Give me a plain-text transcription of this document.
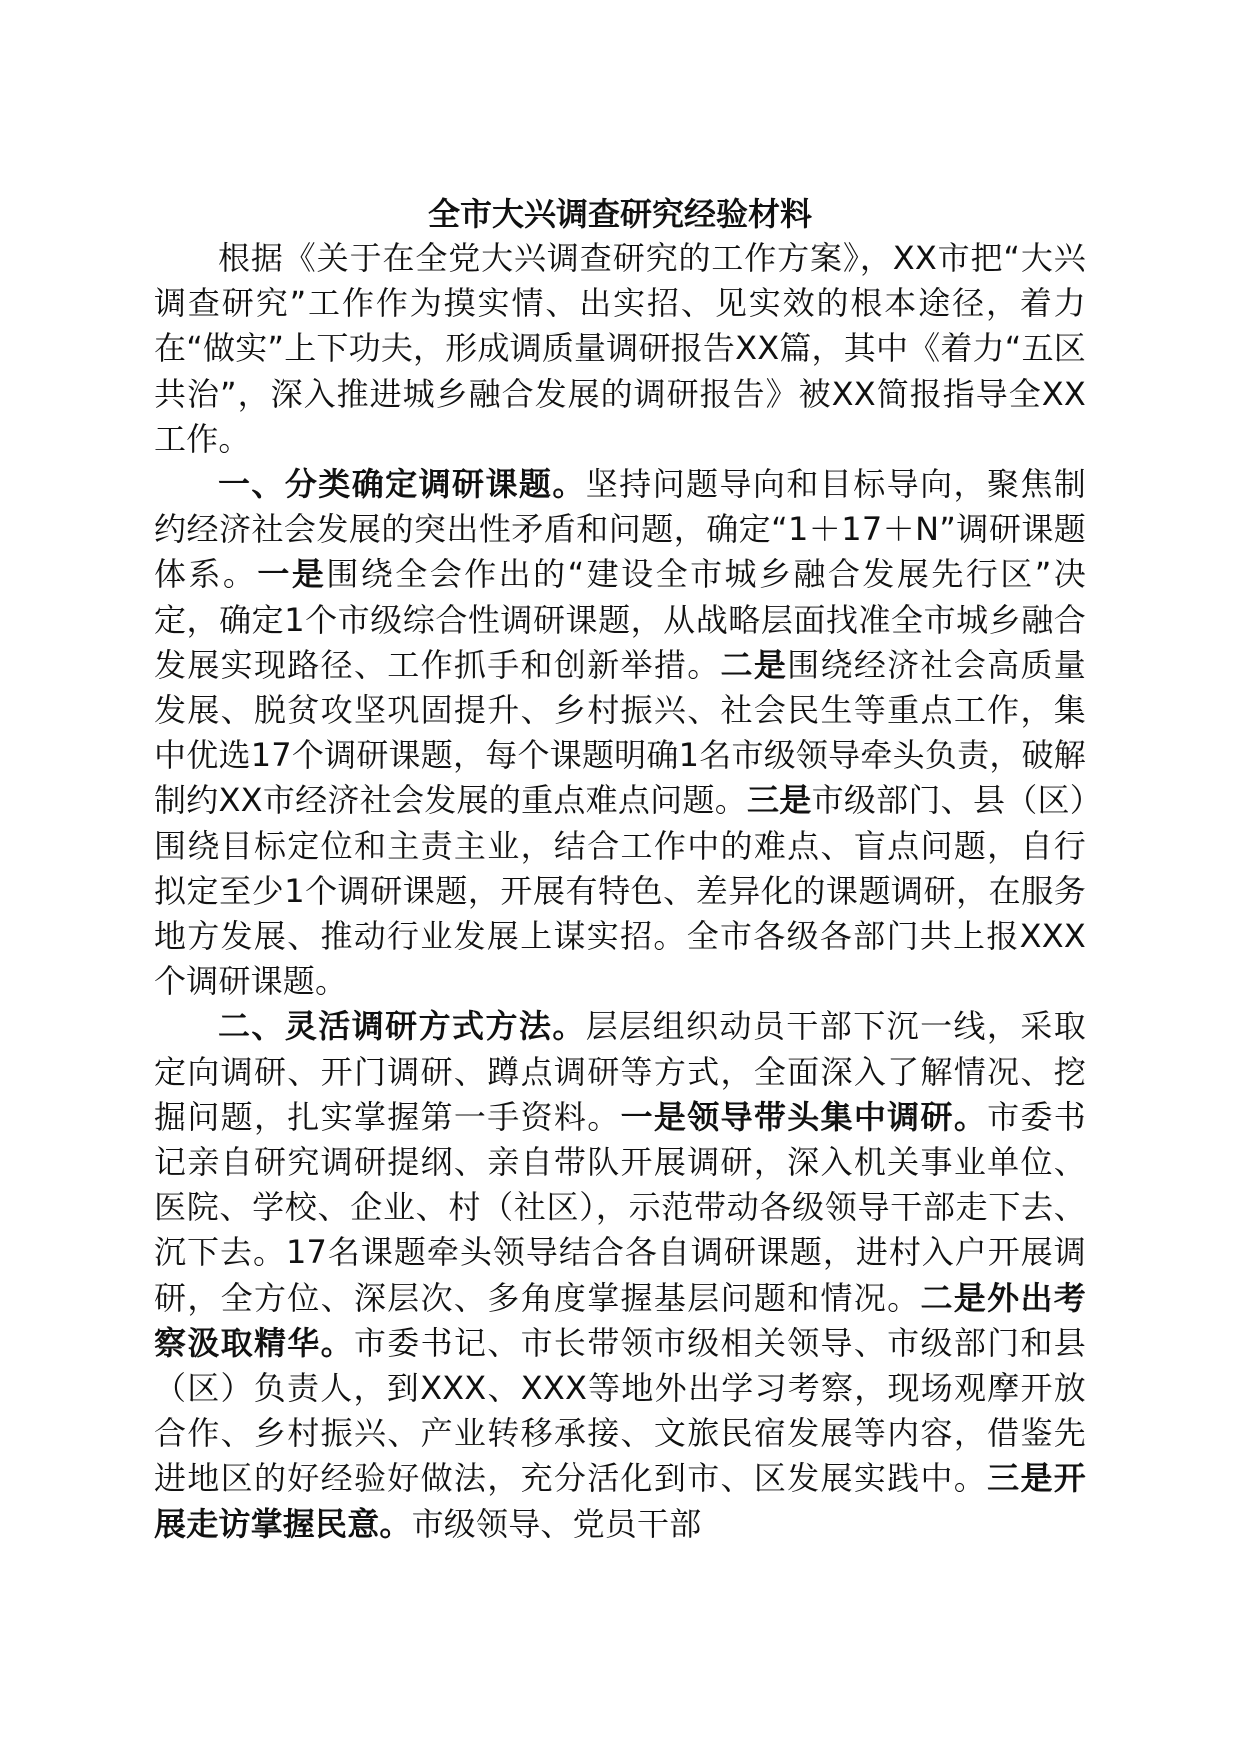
全市大兴调查研究经验材料

根据《关于在全党大兴调查研究的工作方案》，XX市把“大兴调查研究”工作作为摸实情、出实招、见实效的根本途径，着力在“做实”上下功夫，形成调质量调研报告XX篇，其中《着力“五区共治”，深入推进城乡融合发展的调研报告》被XX简报指导全XX工作。

一、分类确定调研课题。坚持问题导向和目标导向，聚焦制约经济社会发展的突出性矛盾和问题，确定“1＋17＋N”调研课题体系。一是围绕全会作出的“建设全市城乡融合发展先行区”决定，确定1个市级综合性调研课题，从战略层面找准全市城乡融合发展实现路径、工作抓手和创新举措。二是围绕经济社会高质量发展、脱贫攻坚巩固提升、乡村振兴、社会民生等重点工作，集中优选17个调研课题，每个课题明确1名市级领导牵头负责，破解制约XX市经济社会发展的重点难点问题。三是市级部门、县（区）围绕目标定位和主责主业，结合工作中的难点、盲点问题，自行拟定至少1个调研课题，开展有特色、差异化的课题调研，在服务地方发展、推动行业发展上谋实招。全市各级各部门共上报XXX个调研课题。

二、灵活调研方式方法。层层组织动员干部下沉一线，采取定向调研、开门调研、蹲点调研等方式，全面深入了解情况、挖掘问题，扎实掌握第一手资料。一是领导带头集中调研。市委书记亲自研究调研提纲、亲自带队开展调研，深入机关事业单位、医院、学校、企业、村（社区），示范带动各级领导干部走下去、沉下去。17名课题牵头领导结合各自调研课题，进村入户开展调研，全方位、深层次、多角度掌握基层问题和情况。二是外出考察汲取精华。市委书记、市长带领市级相关领导、市级部门和县（区）负责人，到XXX、XXX等地外出学习考察，现场观摩开放合作、乡村振兴、产业转移承接、文旅民宿发展等内容，借鉴先进地区的好经验好做法，充分活化到市、区发展实践中。三是开展走访掌握民意。市级领导、党员干部
